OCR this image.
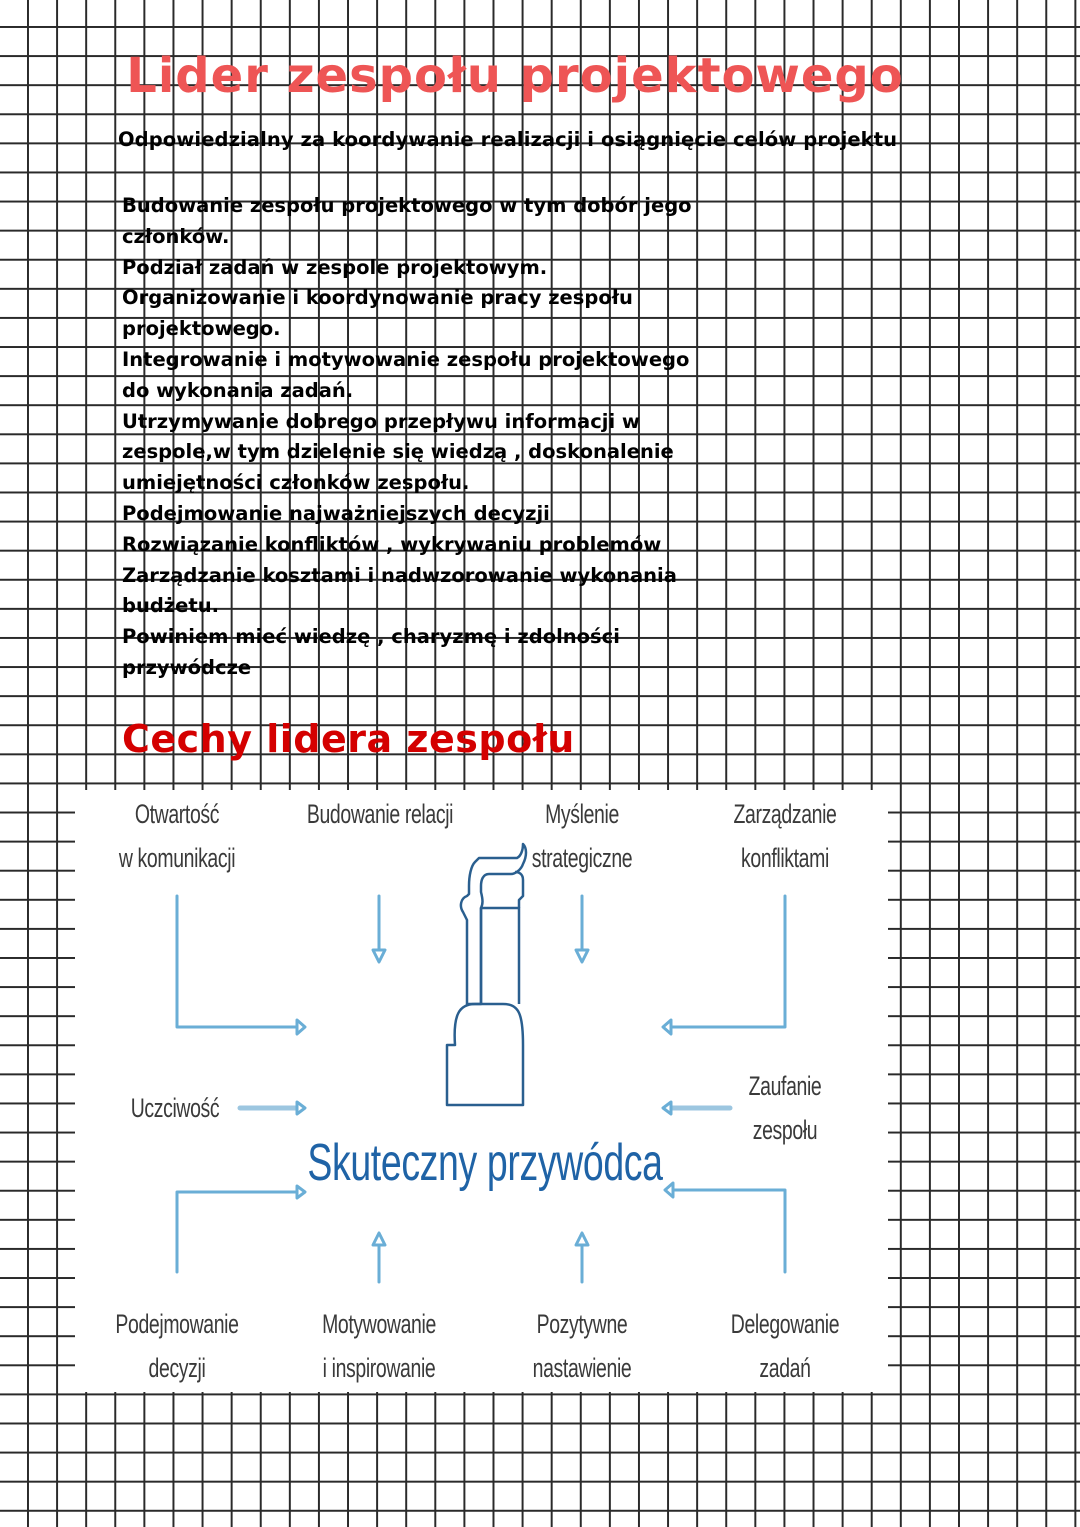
Lider zespołu projektowego

Odpowiedzialny za koordywanie realizacji i osiągnięcie celów projektu

Budowanie zespołu projektowego w tym dobór jego
członków.
Podział zadań w zespole projektowym.
Organizowanie i koordynowanie pracy zespołu
projektowego.
Integrowanie i motywowanie zespołu projektowego
do wykonania zadań.
Utrzymywanie dobrego przepływu informacji w
zespole,w tym dzielenie się wiedzą , doskonalenie
umiejętności członków zespołu.
Podejmowanie najważniejszych decyzji
Rozwiązanie konfliktów , wykrywaniu problemów
Zarządzanie kosztami i nadwzorowanie wykonania
budżetu.
Powiniem mieć wiedzę , charyzmę i zdolności
przywódcze
Cechy lidera zespołu
Otwartość
w komunikacji
Budowanie relacji	Myślenie
strategiczne
Zarządzanie
konfliktami
Uczciwość
Zaufanie
zespołu
Skuteczny przywódca
Podejmowanie
decyzji
Motywowanie
i inspirowanie
Pozytywne
nastawienie
Delegowanie
zadań
